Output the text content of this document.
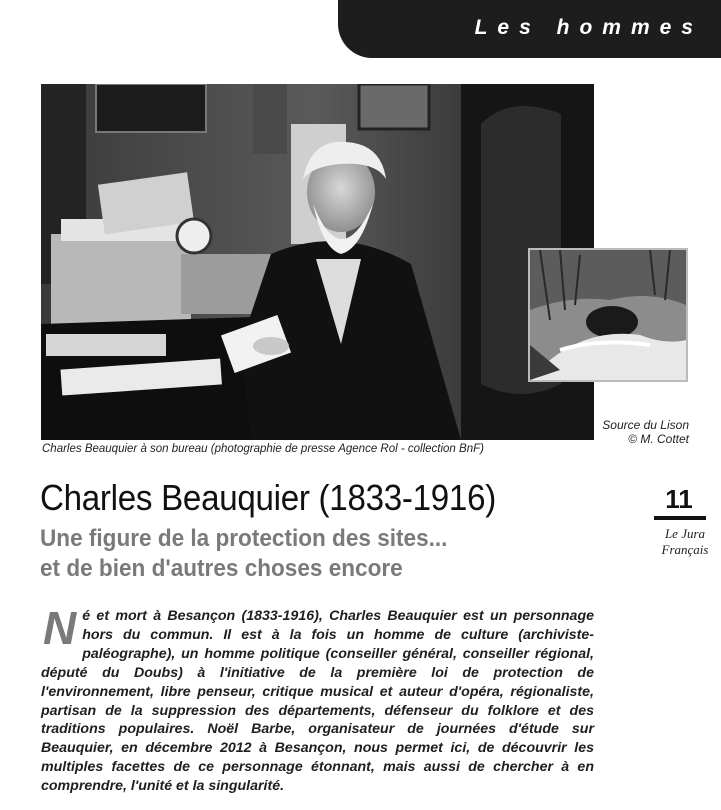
Les hommes
Source du Lison
© M. Cottet
Charles Beauquier à son bureau (photographie de presse Agence Rol - collection BnF)
Charles Beauquier (1833-1916)
Une figure de la protection des sites...
et de bien d'autres choses encore
11
Le Jura
Français
N é et mort à Besançon (1833-1916), Charles Beauquier est un personnage hors du commun. Il est à la fois un homme de culture (archiviste-paléographe), un homme politique (conseiller général, conseiller régional, député du Doubs) à l'initiative de la première loi de protection de l'environnement, libre penseur, critique musical et auteur d'opéra, régionaliste, partisan de la suppression des départements, défenseur du folklore et des traditions populaires. Noël Barbe, organisateur de journées d'étude sur Beauquier, en décembre 2012 à Besançon, nous permet ici, de découvrir les multiples facettes de ce personnage étonnant, mais aussi de chercher à en comprendre, l'unité et la singularité.
